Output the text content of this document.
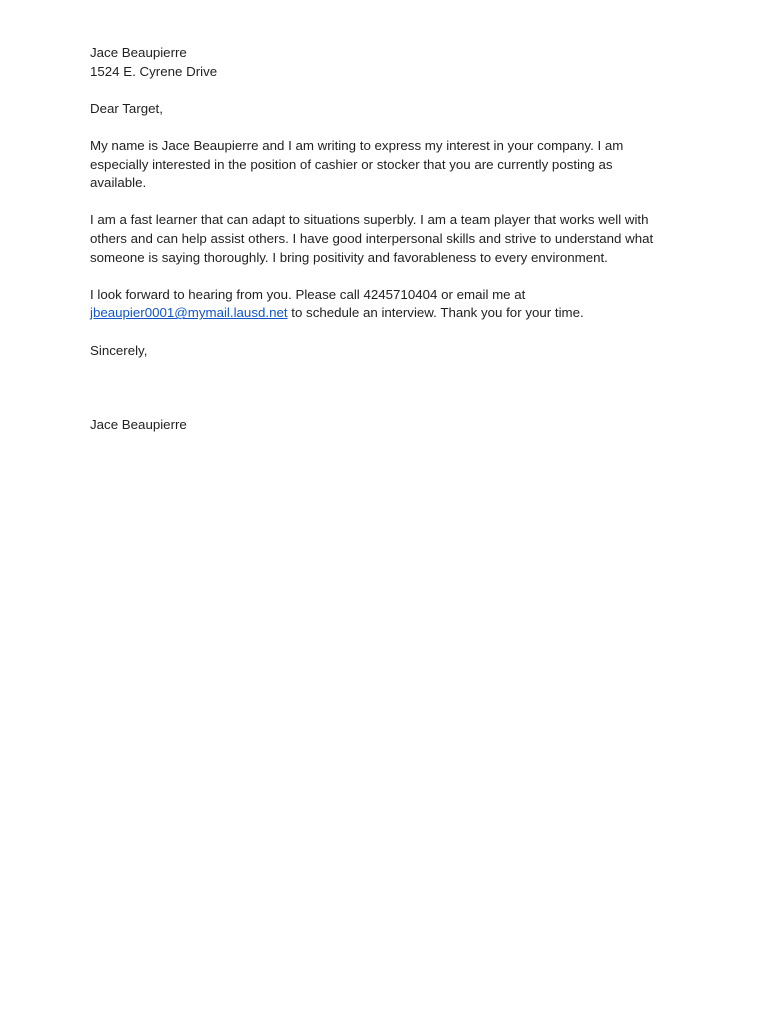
Jace Beaupierre
1524 E. Cyrene Drive

Dear Target,

My name is Jace Beaupierre and I am writing to express my interest in your company. I am
especially interested in the position of cashier or stocker that you are currently posting as
available.
I am a fast learner that can adapt to situations superbly. I am a team player that works well with
others and can help assist others. I have good interpersonal skills and strive to understand what
someone is saying thoroughly. I bring positivity and favorableness to every environment.
I look forward to hearing from you. Please call 4245710404 or email me at
jbeaupier0001@mymail.lausd.net to schedule an interview. Thank you for your time.

Sincerely,

Jace Beaupierre
